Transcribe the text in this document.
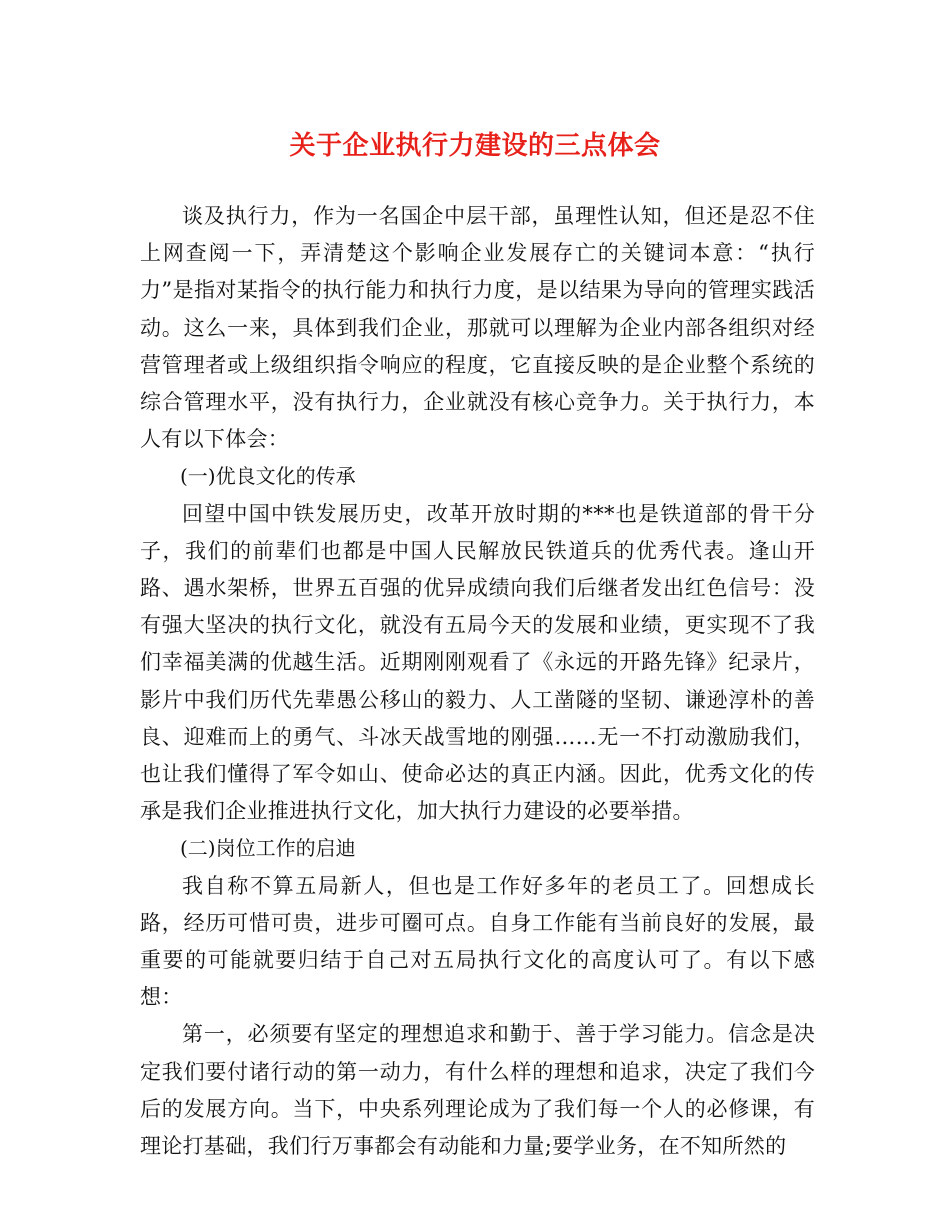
关于企业执行力建设的三点体会

谈及执行力，作为一名国企中层干部，虽理性认知，但还是忍不住上网查阅一下，弄清楚这个影响企业发展存亡的关键词本意：“执行力”是指对某指令的执行能力和执行力度，是以结果为导向的管理实践活动。这么一来，具体到我们企业，那就可以理解为企业内部各组织对经营管理者或上级组织指令响应的程度，它直接反映的是企业整个系统的综合管理水平，没有执行力，企业就没有核心竞争力。关于执行力，本人有以下体会：

(一)优良文化的传承

回望中国中铁发展历史，改革开放时期的***也是铁道部的骨干分子，我们的前辈们也都是中国人民解放民铁道兵的优秀代表。逢山开路、遇水架桥，世界五百强的优异成绩向我们后继者发出红色信号：没有强大坚决的执行文化，就没有五局今天的发展和业绩，更实现不了我们幸福美满的优越生活。近期刚刚观看了《永远的开路先锋》纪录片，影片中我们历代先辈愚公移山的毅力、人工凿隧的坚韧、谦逊淳朴的善良、迎难而上的勇气、斗冰天战雪地的刚强……无一不打动激励我们，也让我们懂得了军令如山、使命必达的真正内涵。因此，优秀文化的传承是我们企业推进执行文化，加大执行力建设的必要举措。

(二)岗位工作的启迪

我自称不算五局新人，但也是工作好多年的老员工了。回想成长路，经历可惜可贵，进步可圈可点。自身工作能有当前良好的发展，最重要的可能就要归结于自己对五局执行文化的高度认可了。有以下感想：

第一，必须要有坚定的理想追求和勤于、善于学习能力。信念是决定我们要付诸行动的第一动力，有什么样的理想和追求，决定了我们今后的发展方向。当下，中央系列理论成为了我们每一个人的必修课，有理论打基础，我们行万事都会有动能和力量;要学业务，在不知所然的
